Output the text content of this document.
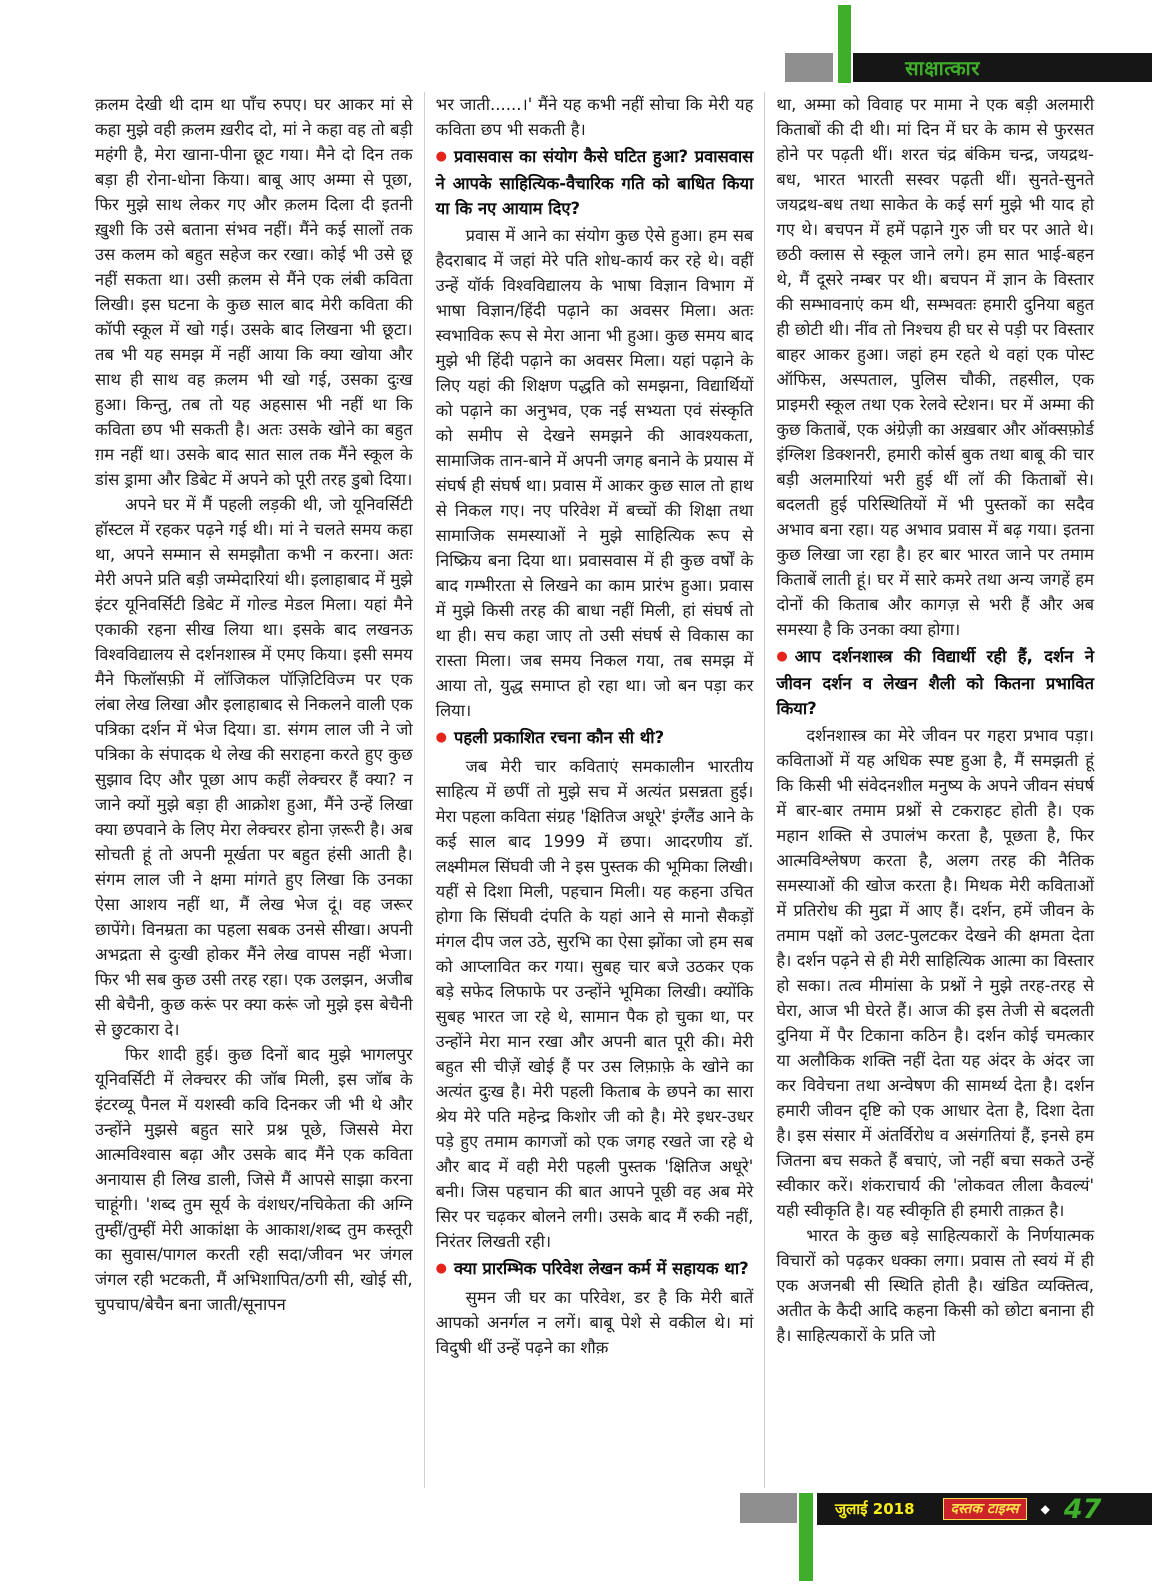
साक्षात्कार

क़लम देखी थी दाम था पाँच रुपए। घर आकर मां से कहा मुझे वही क़लम ख़रीद दो, मां ने कहा वह तो बड़ी महंगी है, मेरा खाना-पीना छूट गया। मैने दो दिन तक बड़ा ही रोना-धोना किया। बाबू आए अम्मा से पूछा, फिर मुझे साथ लेकर गए और क़लम दिला दी इतनी ख़ुशी कि उसे बताना संभव नहीं। मैंने कई सालों तक उस कलम को बहुत सहेज कर रखा। कोई भी उसे छू नहीं सकता था। उसी क़लम से मैंने एक लंबी कविता लिखी। इस घटना के कुछ साल बाद मेरी कविता की कॉपी स्कूल में खो गई। उसके बाद लिखना भी छूटा। तब भी यह समझ में नहीं आया कि क्या खोया और साथ ही साथ वह क़लम भी खो गई, उसका दुःख हुआ। किन्तु, तब तो यह अहसास भी नहीं था कि कविता छप भी सकती है। अतः उसके खोने का बहुत ग़म नहीं था। उसके बाद सात साल तक मैंने स्कूल के डांस ड्रामा और डिबेट में अपने को पूरी तरह डुबो दिया।

अपने घर में मैं पहली लड़की थी, जो यूनिवर्सिटी हॉस्टल में रहकर पढ़ने गई थी। मां ने चलते समय कहा था, अपने सम्मान से समझौता कभी न करना। अतः मेरी अपने प्रति बड़ी जम्मेदारियां थी। इलाहाबाद में मुझे इंटर यूनिवर्सिटी डिबेट में गोल्ड मेडल मिला। यहां मैने एकाकी रहना सीख लिया था। इसके बाद लखनऊ विश्वविद्यालय से दर्शनशास्त्र में एमए किया। इसी समय मैने फिलॉसफ़ी में लॉजिकल पॉज़िटिविज्म पर एक लंबा लेख लिखा और इलाहाबाद से निकलने वाली एक पत्रिका दर्शन में भेज दिया। डा. संगम लाल जी ने जो पत्रिका के संपादक थे लेख की सराहना करते हुए कुछ सुझाव दिए और पूछा आप कहीं लेक्चरर हैं क्या? न जाने क्यों मुझे बड़ा ही आक्रोश हुआ, मैंने उन्हें लिखा क्या छपवाने के लिए मेरा लेक्चरर होना ज़रूरी है। अब सोचती हूं तो अपनी मूर्खता पर बहुत हंसी आती है। संगम लाल जी ने क्षमा मांगते हुए लिखा कि उनका ऐसा आशय नहीं था, मैं लेख भेज दूं। वह जरूर छापेंगे। विनम्रता का पहला सबक उनसे सीखा। अपनी अभद्रता से दुःखी होकर मैंने लेख वापस नहीं भेजा। फिर भी सब कुछ उसी तरह रहा। एक उलझन, अजीब सी बेचैनी, कुछ करूं पर क्या करूं जो मुझे इस बेचैनी से छुटकारा दे।

फिर शादी हुई। कुछ दिनों बाद मुझे भागलपुर यूनिवर्सिटी में लेक्चरर की जॉब मिली, इस जॉब के इंटरव्यू पैनल में यशस्वी कवि दिनकर जी भी थे और उन्होंने मुझसे बहुत सारे प्रश्न पूछे, जिससे मेरा आत्मविश्वास बढ़ा और उसके बाद मैंने एक कविता अनायास ही लिख डाली, जिसे मैं आपसे साझा करना चाहूंगी। 'शब्द तुम सूर्य के वंशधर/नचिकेता की अग्नि तुम्हीं/तुम्हीं मेरी आकांक्षा के आकाश/शब्द तुम कस्तूरी का सुवास/पागल करती रही सदा/जीवन भर जंगल जंगल रही भटकती, मैं अभिशापित/ठगी सी, खोई सी, चुपचाप/बेचैन बना जाती/सूनापन

भर जाती......।' मैंने यह कभी नहीं सोचा कि मेरी यह कविता छप भी सकती है।

● प्रवासवास का संयोग कैसे घटित हुआ? प्रवासवास ने आपके साहित्यिक-वैचारिक गति को बाधित किया या कि नए आयाम दिए?

प्रवास में आने का संयोग कुछ ऐसे हुआ। हम सब हैदराबाद में जहां मेरे पति शोध-कार्य कर रहे थे। वहीं उन्हें यॉर्क विश्वविद्यालय के भाषा विज्ञान विभाग में भाषा विज्ञान/हिंदी पढ़ाने का अवसर मिला। अतः स्वभाविक रूप से मेरा आना भी हुआ। कुछ समय बाद मुझे भी हिंदी पढ़ाने का अवसर मिला। यहां पढ़ाने के लिए यहां की शिक्षण पद्धति को समझना, विद्यार्थियों को पढ़ाने का अनुभव, एक नई सभ्यता एवं संस्कृति को समीप से देखने समझने की आवश्यकता, सामाजिक तान-बाने में अपनी जगह बनाने के प्रयास में संघर्ष ही संघर्ष था। प्रवास में आकर कुछ साल तो हाथ से निकल गए। नए परिवेश में बच्चों की शिक्षा तथा सामाजिक समस्याओं ने मुझे साहित्यिक रूप से निष्क्रिय बना दिया था। प्रवासवास में ही कुछ वर्षों के बाद गम्भीरता से लिखने का काम प्रारंभ हुआ। प्रवास में मुझे किसी तरह की बाधा नहीं मिली, हां संघर्ष तो था ही। सच कहा जाए तो उसी संघर्ष से विकास का रास्ता मिला। जब समय निकल गया, तब समझ में आया तो, युद्ध समाप्त हो रहा था। जो बन पड़ा कर लिया।

● पहली प्रकाशित रचना कौन सी थी?

जब मेरी चार कविताएं समकालीन भारतीय साहित्य में छपीं तो मुझे सच में अत्यंत प्रसन्नता हुई। मेरा पहला कविता संग्रह 'क्षितिज अधूरे' इंग्लैंड आने के कई साल बाद 1999 में छपा। आदरणीय डॉ. लक्ष्मीमल सिंघवी जी ने इस पुस्तक की भूमिका लिखी। यहीं से दिशा मिली, पहचान मिली। यह कहना उचित होगा कि सिंघवी दंपति के यहां आने से मानो सैकड़ों मंगल दीप जल उठे, सुरभि का ऐसा झोंका जो हम सब को आप्लावित कर गया। सुबह चार बजे उठकर एक बड़े सफेद लिफाफे पर उन्होंने भूमिका लिखी। क्योंकि सुबह भारत जा रहे थे, सामान पैक हो चुका था, पर उन्होंने मेरा मान रखा और अपनी बात पूरी की। मेरी बहुत सी चीज़ें खोई हैं पर उस लिफ़ाफ़े के खोने का अत्यंत दुःख है। मेरी पहली किताब के छपने का सारा श्रेय मेरे पति महेन्द्र किशोर जी को है। मेरे इधर-उधर पड़े हुए तमाम कागजों को एक जगह रखते जा रहे थे और बाद में वही मेरी पहली पुस्तक 'क्षितिज अधूरे' बनी। जिस पहचान की बात आपने पूछी वह अब मेरे सिर पर चढ़कर बोलने लगी। उसके बाद मैं रुकी नहीं, निरंतर लिखती रही।

● क्या प्रारम्भिक परिवेश लेखन कर्म में सहायक था?

सुमन जी घर का परिवेश, डर है कि मेरी बातें आपको अनर्गल न लगें। बाबू पेशे से वकील थे। मां विदुषी थीं उन्हें पढ़ने का शौक़

था, अम्मा को विवाह पर मामा ने एक बड़ी अलमारी किताबों की दी थी। मां दिन में घर के काम से फुरसत होने पर पढ़ती थीं। शरत चंद्र बंकिम चन्द्र, जयद्रथ-बध, भारत भारती सस्वर पढ़ती थीं। सुनते-सुनते जयद्रथ-बध तथा साकेत के कई सर्ग मुझे भी याद हो गए थे। बचपन में हमें पढ़ाने गुरु जी घर पर आते थे। छठी क्लास से स्कूल जाने लगे। हम सात भाई-बहन थे, मैं दूसरे नम्बर पर थी। बचपन में ज्ञान के विस्तार की सम्भावनाएं कम थी, सम्भवतः हमारी दुनिया बहुत ही छोटी थी। नींव तो निश्चय ही घर से पड़ी पर विस्तार बाहर आकर हुआ। जहां हम रहते थे वहां एक पोस्ट ऑफिस, अस्पताल, पुलिस चौकी, तहसील, एक प्राइमरी स्कूल तथा एक रेलवे स्टेशन। घर में अम्मा की कुछ किताबें, एक अंग्रेज़ी का अख़बार और ऑक्सफ़ोर्ड इंग्लिश डिक्शनरी, हमारी कोर्स बुक तथा बाबू की चार बड़ी अलमारियां भरी हुई थीं लॉ की किताबों से। बदलती हुई परिस्थितियों में भी पुस्तकों का सदैव अभाव बना रहा। यह अभाव प्रवास में बढ़ गया। इतना कुछ लिखा जा रहा है। हर बार भारत जाने पर तमाम किताबें लाती हूं। घर में सारे कमरे तथा अन्य जगहें हम दोनों की किताब और कागज़ से भरी हैं और अब समस्या है कि उनका क्या होगा।

● आप दर्शनशास्त्र की विद्यार्थी रही हैं, दर्शन ने जीवन दर्शन व लेखन शैली को कितना प्रभावित किया?

दर्शनशास्त्र का मेरे जीवन पर गहरा प्रभाव पड़ा। कविताओं में यह अधिक स्पष्ट हुआ है, मैं समझती हूं कि किसी भी संवेदनशील मनुष्य के अपने जीवन संघर्ष में बार-बार तमाम प्रश्नों से टकराहट होती है। एक महान शक्ति से उपालंभ करता है, पूछता है, फिर आत्मविश्लेषण करता है, अलग तरह की नैतिक समस्याओं की खोज करता है। मिथक मेरी कविताओं में प्रतिरोध की मुद्रा में आए हैं। दर्शन, हमें जीवन के तमाम पक्षों को उलट-पुलटकर देखने की क्षमता देता है। दर्शन पढ़ने से ही मेरी साहित्यिक आत्मा का विस्तार हो सका। तत्व मीमांसा के प्रश्नों ने मुझे तरह-तरह से घेरा, आज भी घेरते हैं। आज की इस तेजी से बदलती दुनिया में पैर टिकाना कठिन है। दर्शन कोई चमत्कार या अलौकिक शक्ति नहीं देता यह अंदर के अंदर जा कर विवेचना तथा अन्वेषण की सामर्थ्य देता है। दर्शन हमारी जीवन दृष्टि को एक आधार देता है, दिशा देता है। इस संसार में अंतर्विरोध व असंगतियां हैं, इनसे हम जितना बच सकते हैं बचाएं, जो नहीं बचा सकते उन्हें स्वीकार करें। शंकराचार्य की 'लोकवत लीला कैवल्यं' यही स्वीकृति है। यह स्वीकृति ही हमारी ताक़त है।

भारत के कुछ बड़े साहित्यकारों के निर्णयात्मक विचारों को पढ़कर धक्का लगा। प्रवास तो स्वयं में ही एक अजनबी सी स्थिति होती है। खंडित व्यक्तित्व, अतीत के कैदी आदि कहना किसी को छोटा बनाना ही है। साहित्यकारों के प्रति जो

जुलाई 2018	दस्तक टाइम्स	◆ 47
